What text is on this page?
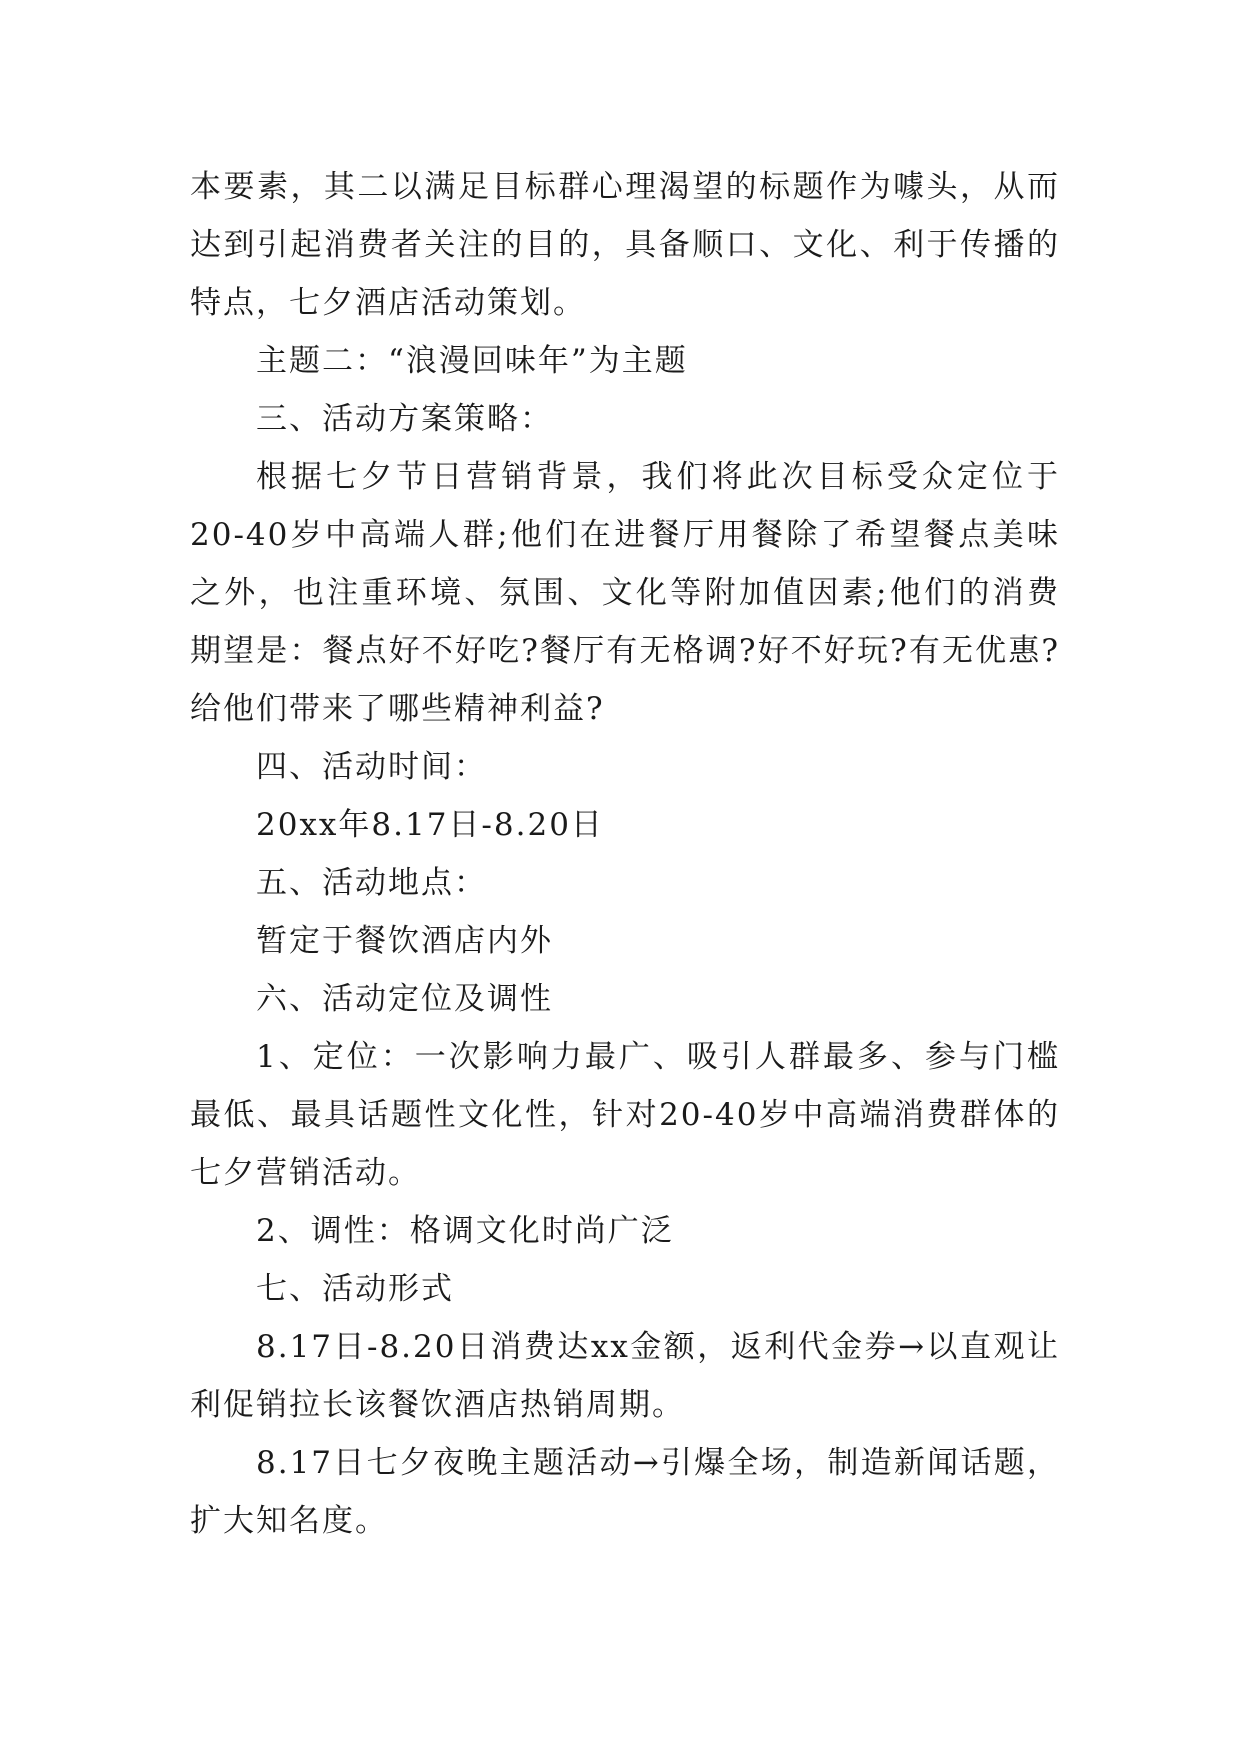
本要素，其二以满足目标群心理渴望的标题作为噱头，从而达到引起消费者关注的目的，具备顺口、文化、利于传播的特点，七夕酒店活动策划。

主题二：“浪漫回味年”为主题

三、活动方案策略：

根据七夕节日营销背景，我们将此次目标受众定位于20-40岁中高端人群;他们在进餐厅用餐除了希望餐点美味之外，也注重环境、氛围、文化等附加值因素;他们的消费期望是：餐点好不好吃?餐厅有无格调?好不好玩?有无优惠?给他们带来了哪些精神利益?

四、活动时间：

20xx年8.17日-8.20日

五、活动地点：

暂定于餐饮酒店内外

六、活动定位及调性

1、定位：一次影响力最广、吸引人群最多、参与门槛最低、最具话题性文化性，针对20-40岁中高端消费群体的七夕营销活动。

2、调性：格调文化时尚广泛

七、活动形式

8.17日-8.20日消费达xx金额，返利代金券→以直观让利促销拉长该餐饮酒店热销周期。

8.17日七夕夜晚主题活动→引爆全场，制造新闻话题，扩大知名度。
